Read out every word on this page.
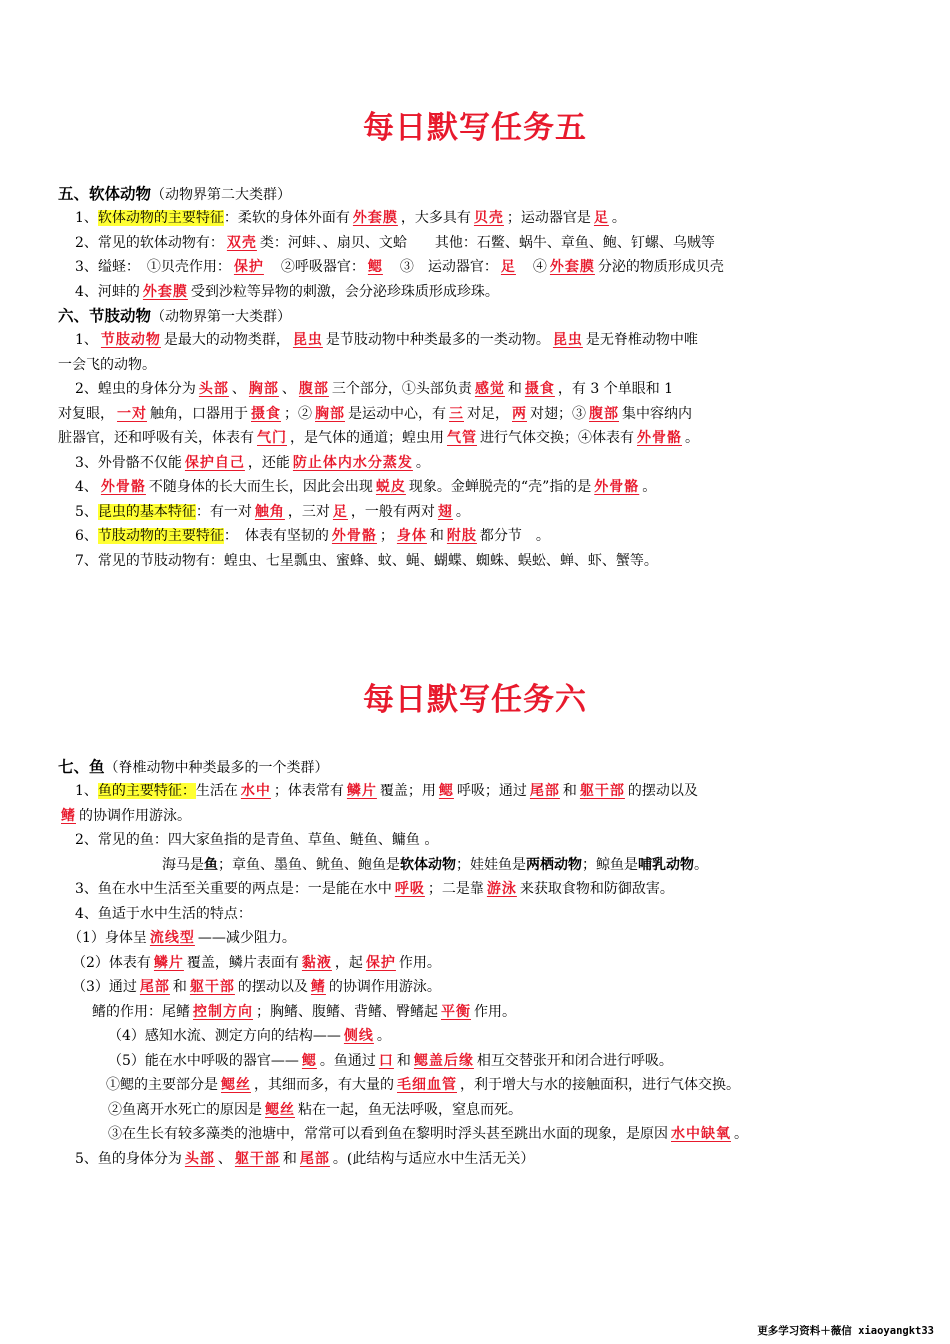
每日默写任务五
五、软体动物（动物界第二大类群）
1、软体动物的主要特征：柔软的身体外面有 外套膜 ，大多具有 贝壳 ；运动器官是 足 。
2、常见的软体动物有： 双壳 类：河蚌、、扇贝、文蛤　　其他：石鳖、蜗牛、章鱼、鲍、钉螺、乌贼等
3、缢蛏：　①贝壳作用： 保护　②呼吸器官： 鳃　③　运动器官： 足　④ 外套膜 分泌的物质形成贝壳
4、河蚌的 外套膜 受到沙粒等异物的刺激，会分泌珍珠质形成珍珠。
六、节肢动物（动物界第一大类群）
1、 节肢动物 是最大的动物类群， 昆虫 是节肢动物中种类最多的一类动物。 昆虫 是无脊椎动物中唯
一会飞的动物。
2、蝗虫的身体分为 头部 、 胸部 、 腹部 三个部分，①头部负责 感觉 和 摄食 ，有 3 个单眼和 1
对复眼， 一对 触角，口器用于 摄食 ；② 胸部 是运动中心，有 三 对足， 两 对翅；③ 腹部 集中容纳内
脏器官，还和呼吸有关，体表有 气门 ，是气体的通道；蝗虫用 气管 进行气体交换；④体表有 外骨骼 。
3、外骨骼不仅能 保护自己 ，还能 防止体内水分蒸发 。
4、 外骨骼 不随身体的长大而生长，因此会出现 蜕皮 现象。金蝉脱壳的“壳”指的是 外骨骼 。
5、昆虫的基本特征：有一对 触角 ，三对 足 ，一般有两对 翅 。
6、节肢动物的主要特征：　体表有坚韧的 外骨骼 ； 身体 和 附肢 都分节　。
7、常见的节肢动物有：蝗虫、七星瓢虫、蜜蜂、蚊、蝇、蝴蝶、蜘蛛、蜈蚣、蝉、虾、蟹等。
每日默写任务六
七、鱼（脊椎动物中种类最多的一个类群）
1、鱼的主要特征：生活在 水中 ；体表常有 鳞片 覆盖；用 鳃 呼吸；通过 尾部 和 躯干部 的摆动以及
鳍 的协调作用游泳。
2、常见的鱼：四大家鱼指的是青鱼、草鱼、鲢鱼、鳙鱼 。
海马是鱼；章鱼、墨鱼、鱿鱼、鲍鱼是软体动物；娃娃鱼是两栖动物；鲸鱼是哺乳动物。
3、鱼在水中生活至关重要的两点是：一是能在水中 呼吸 ；二是靠 游泳 来获取食物和防御敌害。
4、鱼适于水中生活的特点：
（1）身体呈 流线型 ——减少阻力。
（2）体表有 鳞片 覆盖，鳞片表面有 黏液 ，起 保护 作用。
（3）通过 尾部 和 躯干部 的摆动以及 鳍 的协调作用游泳。
鳍的作用：尾鳍 控制方向 ；胸鳍、腹鳍、背鳍、臀鳍起 平衡 作用。
（4）感知水流、测定方向的结构—— 侧线 。
（5）能在水中呼吸的器官—— 鳃 。鱼通过 口 和 鳃盖后缘 相互交替张开和闭合进行呼吸。
①鳃的主要部分是 鳃丝 ，其细而多，有大量的 毛细血管 ，利于增大与水的接触面积，进行气体交换。
②鱼离开水死亡的原因是 鳃丝 粘在一起，鱼无法呼吸，窒息而死。
③在生长有较多藻类的池塘中，常常可以看到鱼在黎明时浮头甚至跳出水面的现象，是原因 水中缺氧 。
5、鱼的身体分为 头部 、 躯干部 和 尾部 。(此结构与适应水中生活无关）
更多学习资料＋薇信 xiaoyangkt33
